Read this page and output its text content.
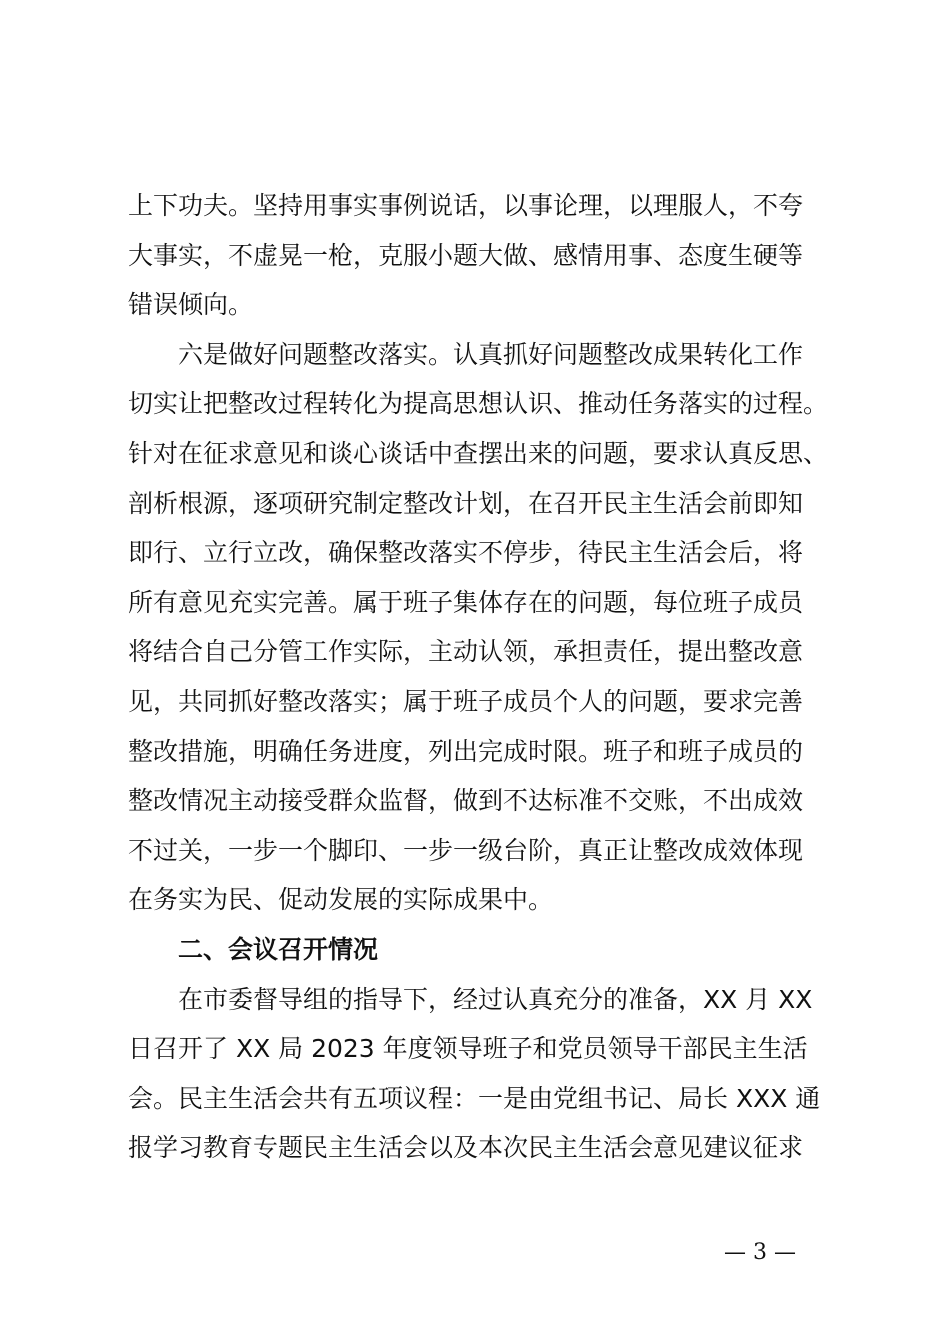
上下功夫。坚持用事实事例说话，以事论理，以理服人，不夸
大事实，不虚晃一枪，克服小题大做、感情用事、态度生硬等
错误倾向。
六是做好问题整改落实。认真抓好问题整改成果转化工作
切实让把整改过程转化为提高思想认识、推动任务落实的过程。
针对在征求意见和谈心谈话中查摆出来的问题，要求认真反思、
剖析根源，逐项研究制定整改计划，在召开民主生活会前即知
即行、立行立改，确保整改落实不停步，待民主生活会后，将
所有意见充实完善。属于班子集体存在的问题，每位班子成员
将结合自己分管工作实际，主动认领，承担责任，提出整改意
见，共同抓好整改落实；属于班子成员个人的问题，要求完善
整改措施，明确任务进度，列出完成时限。班子和班子成员的
整改情况主动接受群众监督，做到不达标准不交账，不出成效
不过关，一步一个脚印、一步一级台阶，真正让整改成效体现
在务实为民、促动发展的实际成果中。
二、会议召开情况
在市委督导组的指导下，经过认真充分的准备，XX 月 XX
日召开了 XX 局 2023 年度领导班子和党员领导干部民主生活
会。民主生活会共有五项议程：一是由党组书记、局长 XXX 通
报学习教育专题民主生活会以及本次民主生活会意见建议征求
— 3 —
